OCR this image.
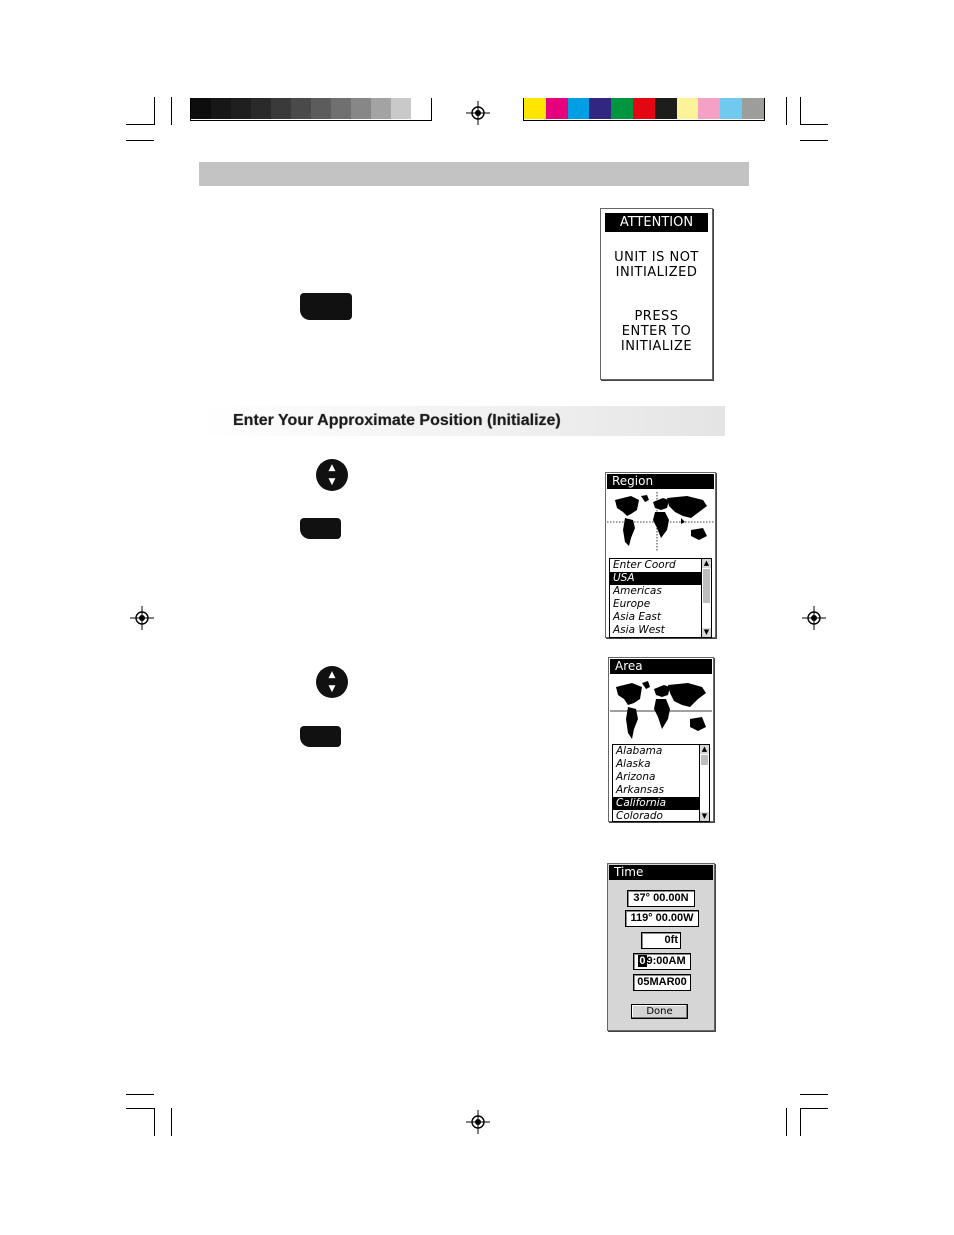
▲
▼
▲
▼
ATTENTION
UNIT IS NOT
INITIALIZED
PRESS
ENTER TO
INITIALIZE
Enter Your Approximate Position (Initialize)
Region
Enter Coord
USA
Americas
Europe
Asia East
Asia West
▲
▼
Area
Alabama
Alaska
Arizona
Arkansas
California
Colorado
▲
▼
Time
37° 00.00N
119° 00.00W
0ft
09:00AM
05MAR00
Done
